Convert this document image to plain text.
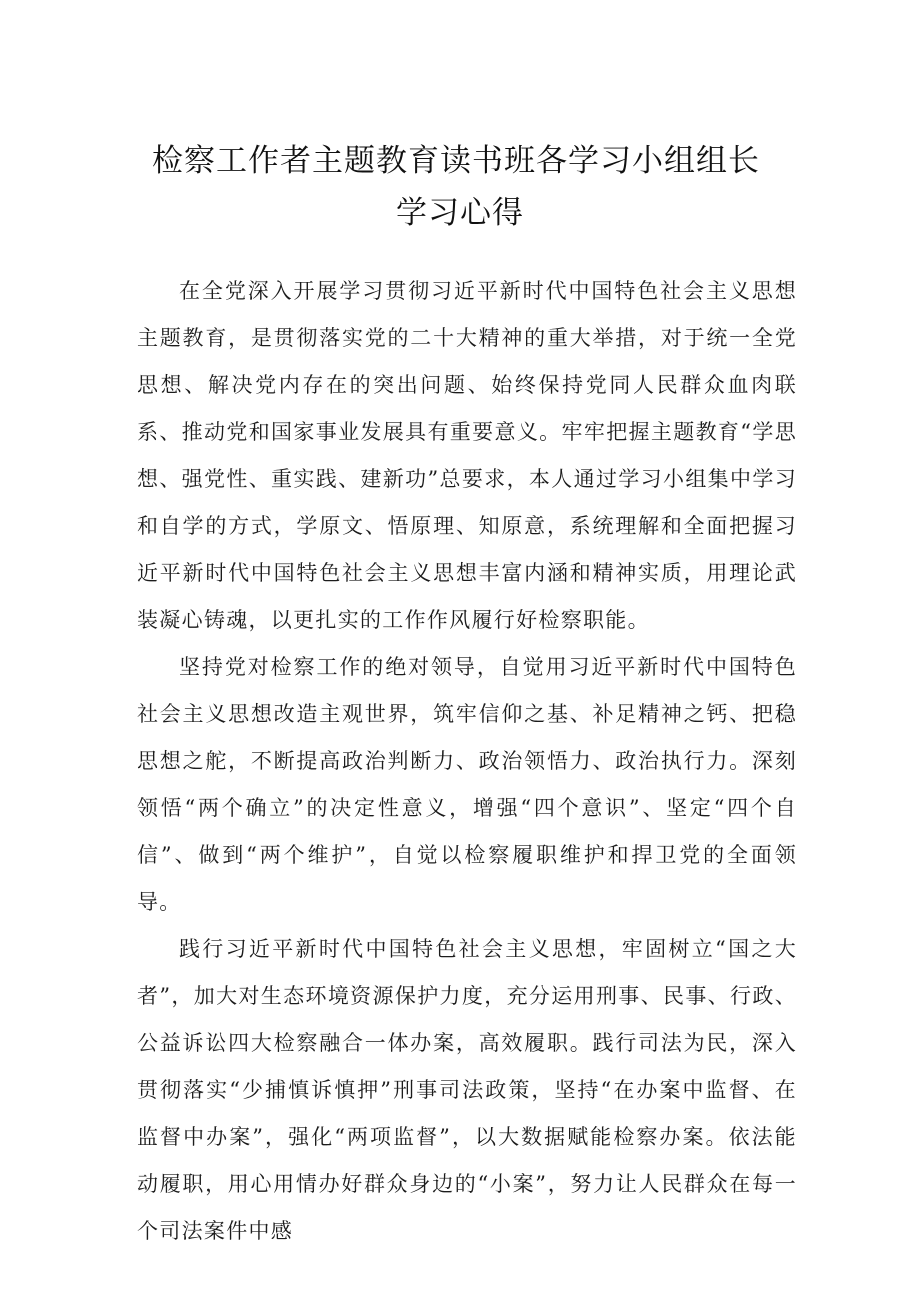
检察工作者主题教育读书班各学习小组组长
学习心得

在全党深入开展学习贯彻习近平新时代中国特色社会主义思想主题教育，是贯彻落实党的二十大精神的重大举措，对于统一全党思想、解决党内存在的突出问题、始终保持党同人民群众血肉联系、推动党和国家事业发展具有重要意义。牢牢把握主题教育“学思想、强党性、重实践、建新功”总要求，本人通过学习小组集中学习和自学的方式，学原文、悟原理、知原意，系统理解和全面把握习近平新时代中国特色社会主义思想丰富内涵和精神实质，用理论武装凝心铸魂，以更扎实的工作作风履行好检察职能。

坚持党对检察工作的绝对领导，自觉用习近平新时代中国特色社会主义思想改造主观世界，筑牢信仰之基、补足精神之钙、把稳思想之舵，不断提高政治判断力、政治领悟力、政治执行力。深刻领悟“两个确立”的决定性意义，增强“四个意识”、坚定“四个自信”、做到“两个维护”，自觉以检察履职维护和捍卫党的全面领导。

践行习近平新时代中国特色社会主义思想，牢固树立“国之大者”，加大对生态环境资源保护力度，充分运用刑事、民事、行政、公益诉讼四大检察融合一体办案，高效履职。践行司法为民，深入贯彻落实“少捕慎诉慎押”刑事司法政策，坚持“在办案中监督、在监督中办案”，强化“两项监督”，以大数据赋能检察办案。依法能动履职，用心用情办好群众身边的“小案”，努力让人民群众在每一个司法案件中感
